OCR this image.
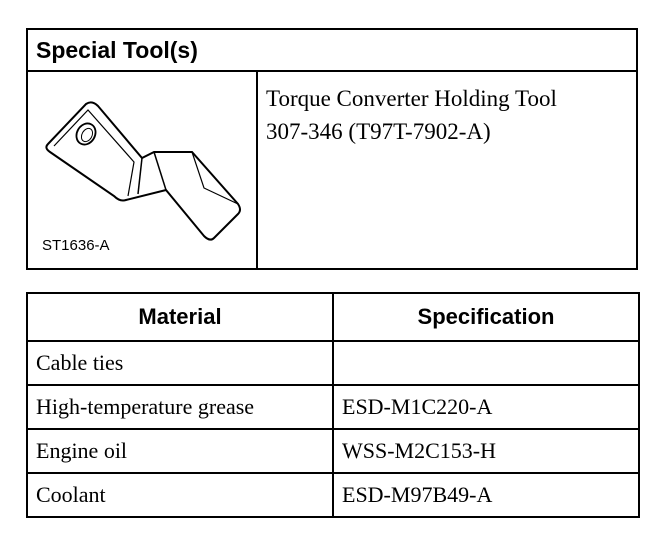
Special Tool(s)
ST1636-A
Torque Converter Holding Tool
307-346 (T97T-7902-A)
Material	Specification
Cable ties	
High-temperature grease	ESD-M1C220-A
Engine oil	WSS-M2C153-H
Coolant	ESD-M97B49-A
